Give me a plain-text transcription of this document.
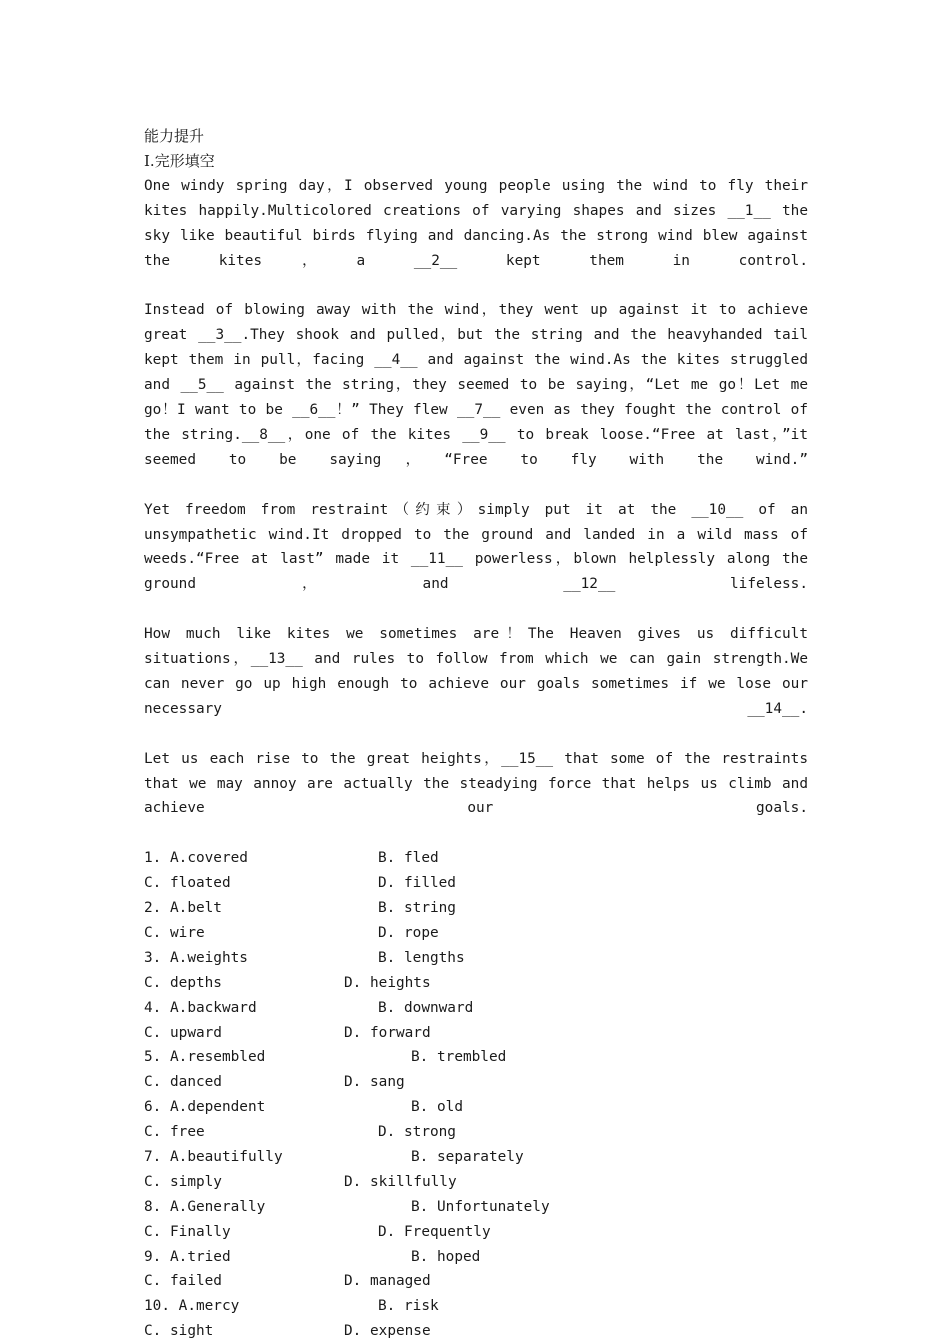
能力提升
I.完形填空
One windy spring day，I observed young people using the wind to fly their kites happily.Multicolored creations of varying shapes and sizes __1__ the sky like beautiful birds flying and dancing.As the strong wind blew against the kites，a __2__ kept them in control.
Instead of blowing away with the wind，they went up against it to achieve great __3__.They shook and pulled，but the string and the heavyhanded tail kept them in pull，facing __4__ and against the wind.As the kites struggled and __5__ against the string，they seemed to be saying，“Let me go！Let me go！I want to be __6__！” They flew __7__ even as they fought the control of the string.__8__，one of the kites __9__ to break loose.“Free at last，”it seemed to be saying，“Free to fly with the wind.”
Yet freedom from restraint（约束）simply put it at the __10__ of an unsympathetic wind.It dropped to the ground and landed in a wild mass of weeds.“Free at last” made it __11__ powerless，blown helplessly along the ground，and __12__ lifeless.
How much like kites we sometimes are！The Heaven gives us difficult situations，__13__ and rules to follow from which we can gain strength.We can never go up high enough to achieve our goals sometimes if we lose our necessary __14__.
Let us each rise to the great heights，__15__ that some of the restraints that we may annoy are actually the steadying force that helps us climb and achieve our goals.
1. A.covered	B. fled
C. floated	D. filled
2. A.belt	B. string
C. wire	D. rope
3. A.weights	B. lengths
C. depths	D. heights
4. A.backward	B. downward
C. upward	D. forward
5. A.resembled	B. trembled
C. danced	D. sang
6. A.dependent	B. old
C. free	D. strong
7. A.beautifully	B. separately
C. simply	D. skillfully
8. A.Generally	B. Unfortunately
C. Finally	D. Frequently
9. A.tried	B. hoped
C. failed	D. managed
10. A.mercy	B. risk
C. sight	D. expense
